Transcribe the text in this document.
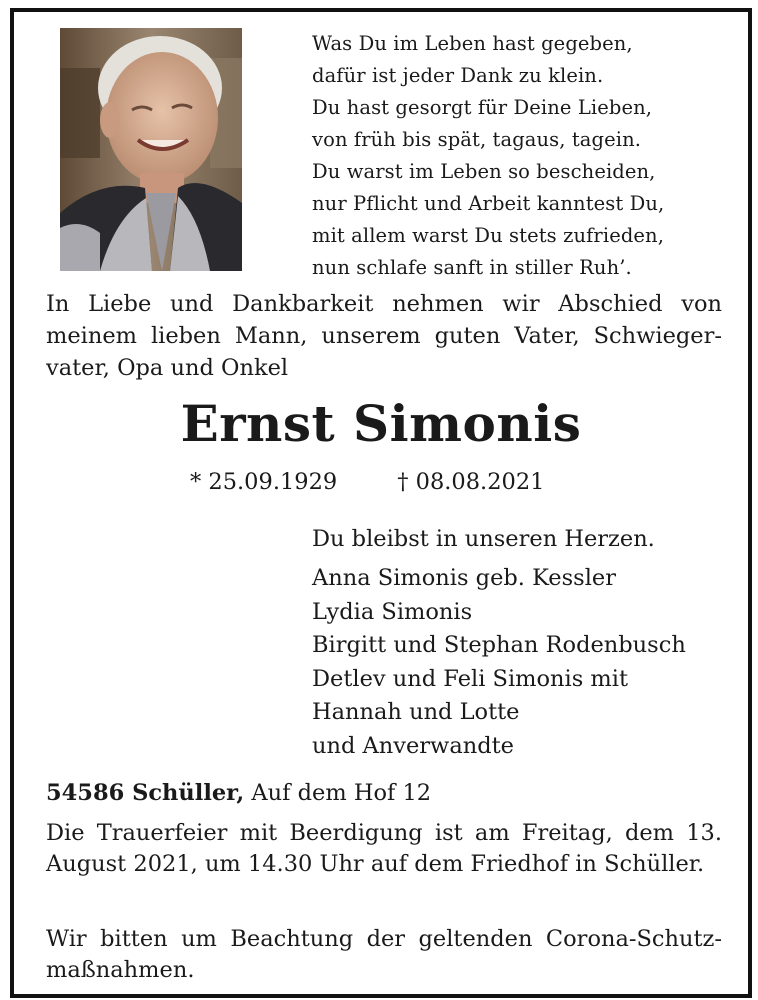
Was Du im Leben hast gegeben,
dafür ist jeder Dank zu klein.
Du hast gesorgt für Deine Lieben,
von früh bis spät, tagaus, tagein.
Du warst im Leben so bescheiden,
nur Pflicht und Arbeit kanntest Du,
mit allem warst Du stets zufrieden,
nun schlafe sanft in stiller Ruh’.
In Liebe und Dankbarkeit nehmen wir Abschied von meinem lieben Mann, unserem guten Vater, Schwiegervater, Opa und Onkel
Ernst Simonis
* 25.09.1929	† 08.08.2021
Du bleibst in unseren Herzen.
Anna Simonis geb. Kessler
Lydia Simonis
Birgitt und Stephan Rodenbusch
Detlev und Feli Simonis mit
Hannah und Lotte
und Anverwandte
54586 Schüller, Auf dem Hof 12
Die Trauerfeier mit Beerdigung ist am Freitag, dem 13. August 2021, um 14.30 Uhr auf dem Friedhof in Schüller.
Wir bitten um Beachtung der geltenden Corona-Schutzmaßnahmen.
